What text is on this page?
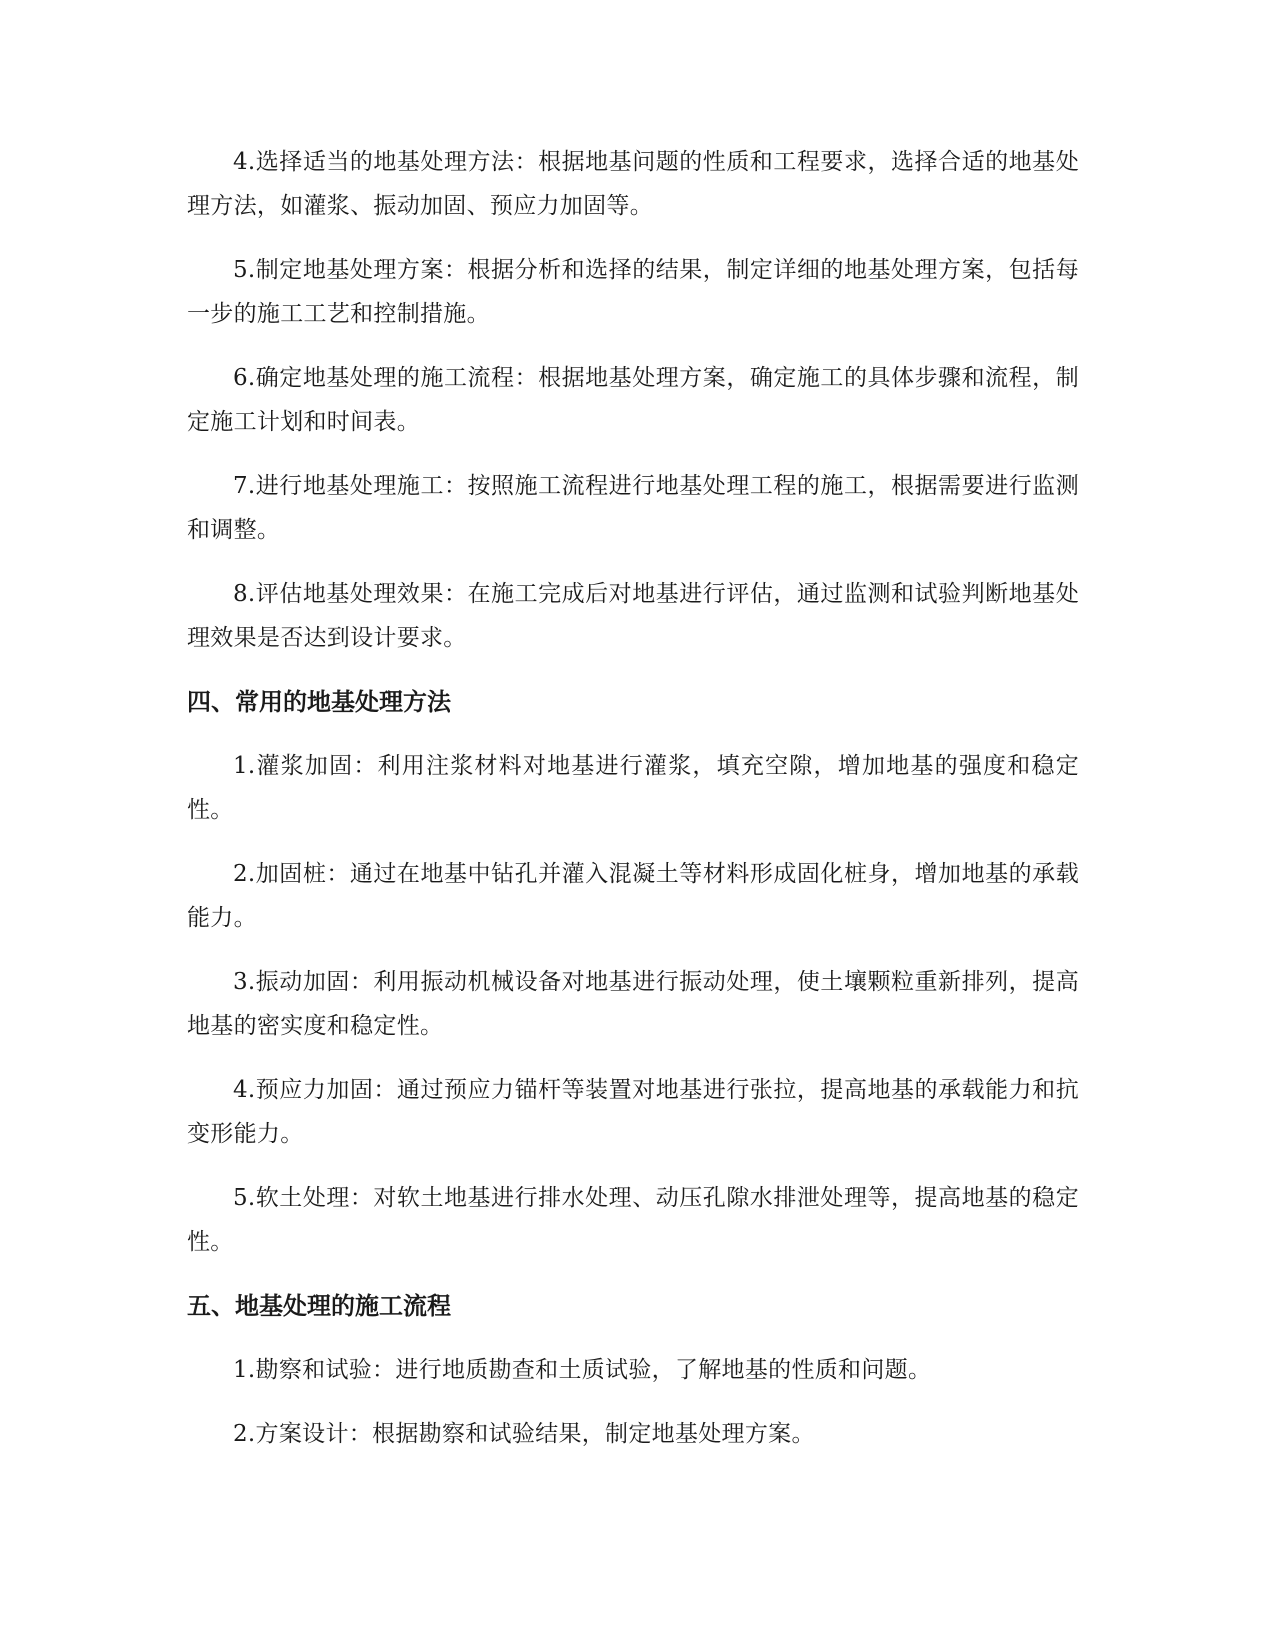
4.选择适当的地基处理方法：根据地基问题的性质和工程要求，选择合适的地基处理方法，如灌浆、振动加固、预应力加固等。

5.制定地基处理方案：根据分析和选择的结果，制定详细的地基处理方案，包括每一步的施工工艺和控制措施。

6.确定地基处理的施工流程：根据地基处理方案，确定施工的具体步骤和流程，制定施工计划和时间表。

7.进行地基处理施工：按照施工流程进行地基处理工程的施工，根据需要进行监测和调整。

8.评估地基处理效果：在施工完成后对地基进行评估，通过监测和试验判断地基处理效果是否达到设计要求。

四、常用的地基处理方法

1.灌浆加固：利用注浆材料对地基进行灌浆，填充空隙，增加地基的强度和稳定性。

2.加固桩：通过在地基中钻孔并灌入混凝土等材料形成固化桩身，增加地基的承载能力。

3.振动加固：利用振动机械设备对地基进行振动处理，使土壤颗粒重新排列，提高地基的密实度和稳定性。

4.预应力加固：通过预应力锚杆等装置对地基进行张拉，提高地基的承载能力和抗变形能力。

5.软土处理：对软土地基进行排水处理、动压孔隙水排泄处理等，提高地基的稳定性。

五、地基处理的施工流程

1.勘察和试验：进行地质勘查和土质试验，了解地基的性质和问题。

2.方案设计：根据勘察和试验结果，制定地基处理方案。
